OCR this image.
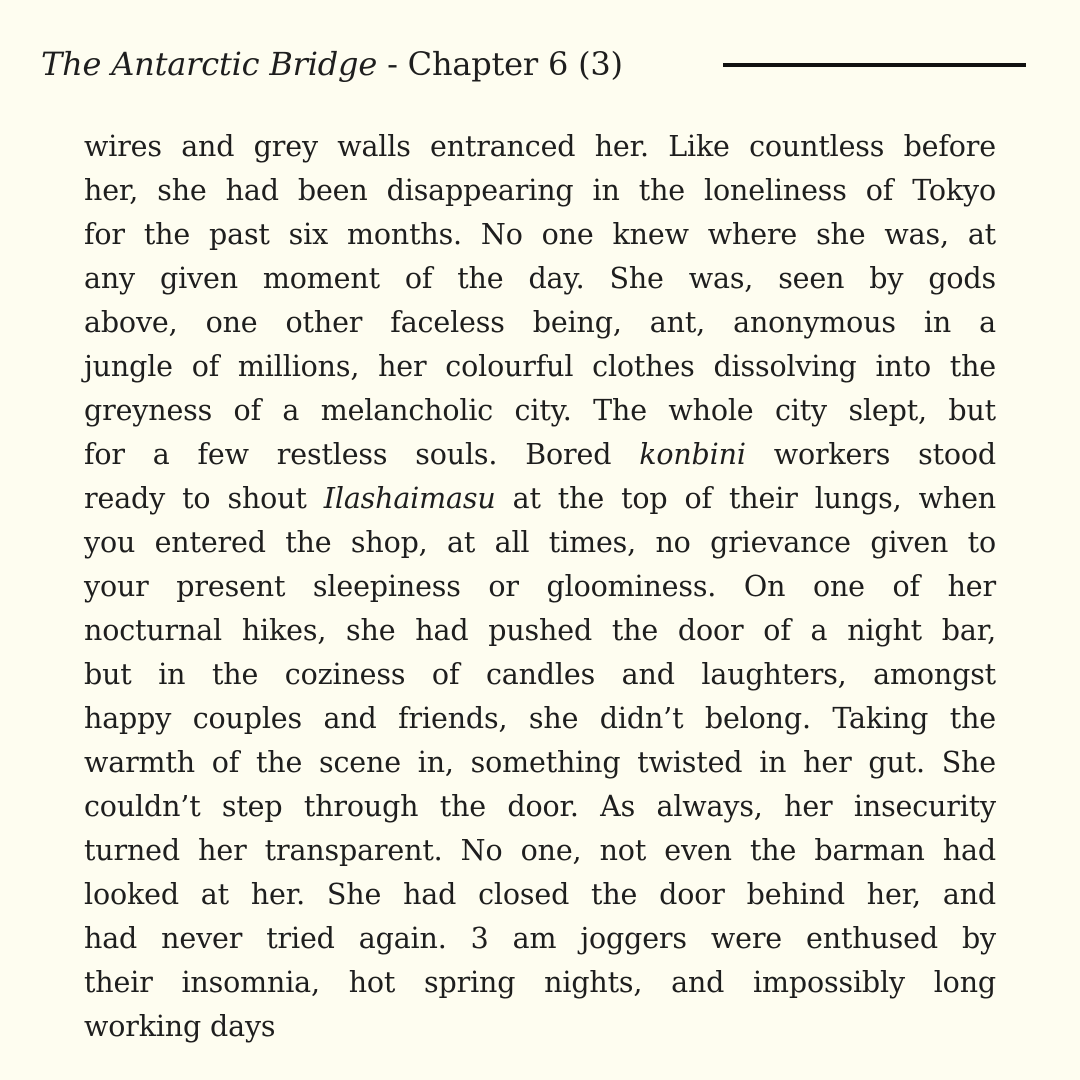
The Antarctic Bridge - Chapter 6 (3)
wires and grey walls entranced her. Like countless before
her, she had been disappearing in the loneliness of Tokyo
for the past six months. No one knew where she was, at
any given moment of the day. She was, seen by gods
above, one other faceless being, ant, anonymous in a
jungle of millions, her colourful clothes dissolving into the
greyness of a melancholic city. The whole city slept, but
for a few restless souls. Bored konbini workers stood
ready to shout Ilashaimasu at the top of their lungs, when
you entered the shop, at all times, no grievance given to
your present sleepiness or gloominess. On one of her
nocturnal hikes, she had pushed the door of a night bar,
but in the coziness of candles and laughters, amongst
happy couples and friends, she didn’t belong. Taking the
warmth of the scene in, something twisted in her gut. She
couldn’t step through the door. As always, her insecurity
turned her transparent. No one, not even the barman had
looked at her. She had closed the door behind her, and
had never tried again. 3 am joggers were enthused by
their insomnia, hot spring nights, and impossibly long
working days
